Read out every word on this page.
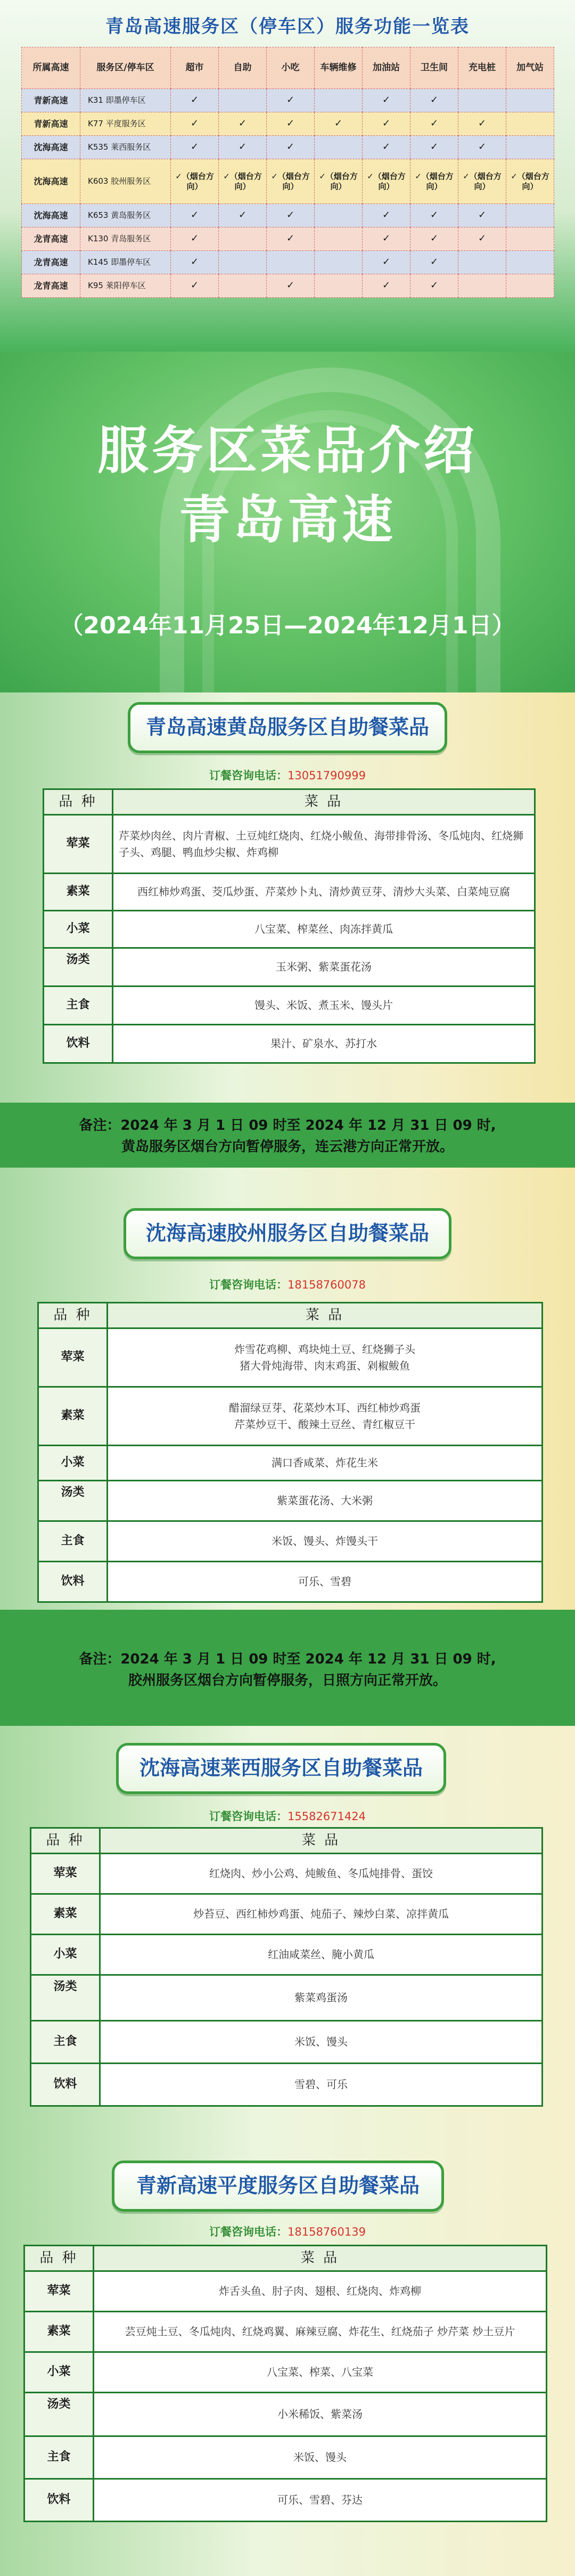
青岛高速服务区（停车区）服务功能一览表
所属高速	服务区/停车区	超市	自助	小吃	车辆维修	加油站	卫生间	充电桩	加气站
青新高速	K31 即墨停车区	✓		✓		✓	✓		
青新高速	K77 平度服务区	✓	✓	✓	✓	✓	✓	✓	
沈海高速	K535 莱西服务区	✓	✓	✓		✓	✓	✓	
沈海高速	K603 胶州服务区	✓（烟台方向）	✓（烟台方向）	✓（烟台方向）	✓（烟台方向）	✓（烟台方向）	✓（烟台方向）	✓（烟台方向）	✓（烟台方向）
沈海高速	K653 黄岛服务区	✓	✓	✓		✓	✓	✓	
龙青高速	K130 青岛服务区	✓		✓		✓	✓	✓	
龙青高速	K145 即墨停车区	✓				✓	✓		
龙青高速	K95 莱阳停车区	✓		✓		✓	✓		
服务区菜品介绍
青岛高速
（2024年11月25日—2024年12月1日）
青岛高速黄岛服务区自助餐菜品
订餐咨询电话：13051790999
品 种	菜 品
荤菜	芹菜炒肉丝、肉片青椒、土豆炖红烧肉、红烧小鲅鱼、海带排骨汤、冬瓜炖肉、红烧狮子头、鸡腿、鸭血炒尖椒、炸鸡柳
素菜	西红柿炒鸡蛋、茭瓜炒蛋、芹菜炒卜丸、清炒黄豆芽、清炒大头菜、白菜炖豆腐
小菜	八宝菜、榨菜丝、肉冻拌黄瓜
汤类	玉米粥、紫菜蛋花汤
主食	馒头、米饭、煮玉米、馒头片
饮料	果汁、矿泉水、苏打水

备注：2024 年 3 月 1 日 09 时至 2024 年 12 月 31 日 09 时,

黄岛服务区烟台方向暂停服务，连云港方向正常开放。

沈海高速胶州服务区自助餐菜品
订餐咨询电话：18158760078
品 种	菜 品
荤菜	炸雪花鸡柳、鸡块炖土豆、红烧狮子头
猪大骨炖海带、肉末鸡蛋、剁椒鲅鱼
素菜	醋溜绿豆芽、花菜炒木耳、西红柿炒鸡蛋
芹菜炒豆干、酸辣土豆丝、青红椒豆干
小菜	满口香咸菜、炸花生米
汤类	紫菜蛋花汤、大米粥
主食	米饭、馒头、炸馒头干
饮料	可乐、雪碧

备注：2024 年 3 月 1 日 09 时至 2024 年 12 月 31 日 09 时,

胶州服务区烟台方向暂停服务，日照方向正常开放。

沈海高速莱西服务区自助餐菜品
订餐咨询电话：15582671424
品 种	菜 品
荤菜	红烧肉、炒小公鸡、炖鲅鱼、冬瓜炖排骨、蛋饺
素菜	炒苔豆、西红柿炒鸡蛋、炖茄子、辣炒白菜、凉拌黄瓜
小菜	红油咸菜丝、腌小黄瓜
汤类	紫菜鸡蛋汤
主食	米饭、馒头
饮料	雪碧、可乐
青新高速平度服务区自助餐菜品
订餐咨询电话：18158760139
品 种	菜 品
荤菜	炸舌头鱼、肘子肉、翅根、红烧肉、炸鸡柳
素菜	芸豆炖土豆、冬瓜炖肉、红烧鸡翼、麻辣豆腐、炸花生、红烧茄子 炒芹菜 炒土豆片
小菜	八宝菜、榨菜、八宝菜
汤类	小米稀饭、紫菜汤
主食	米饭、馒头
饮料	可乐、雪碧、芬达
